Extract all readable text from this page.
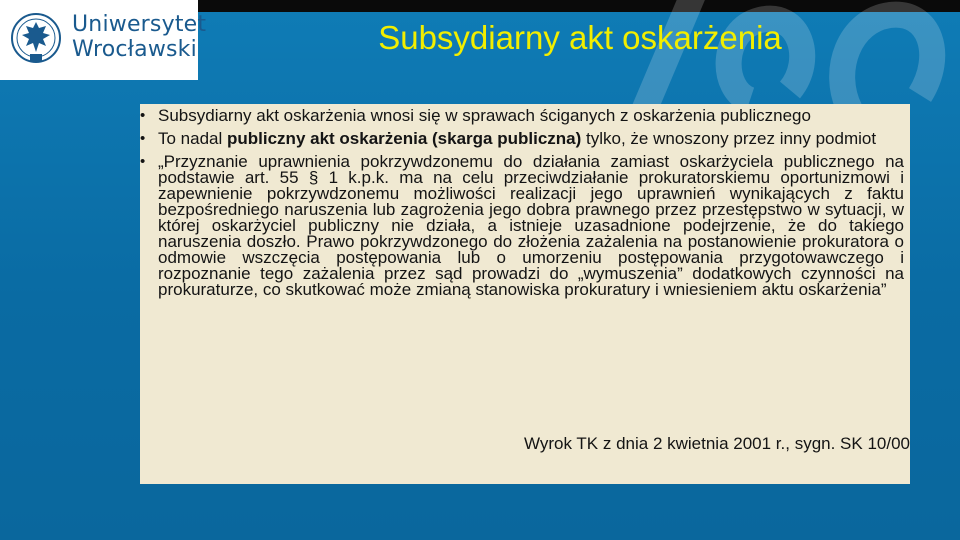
Uniwersytet
Wrocławski	Subsydiarny akt oskarżenia
• Subsydiarny akt oskarżenia wnosi się w sprawach ściganych z oskarżenia publicznego
• To nadal publiczny akt oskarżenia (skarga publiczna) tylko, że wnoszony przez inny podmiot
• „Przyznanie uprawnienia pokrzywdzonemu do działania zamiast oskarżyciela publicznego na podstawie art. 55 § 1 k.p.k. ma na celu przeciwdziałanie prokuratorskiemu oportunizmowi i zapewnienie pokrzywdzonemu możliwości realizacji jego uprawnień wynikających z faktu bezpośredniego naruszenia lub zagrożenia jego dobra prawnego przez przestępstwo w sytuacji, w której oskarżyciel publiczny nie działa, a istnieje uzasadnione podejrzenie, że do takiego naruszenia doszło. Prawo pokrzywdzonego do złożenia zażalenia na postanowienie prokuratora o odmowie wszczęcia postępowania lub o umorzeniu postępowania przygotowawczego i rozpoznanie tego zażalenia przez sąd prowadzi do „wymuszenia” dodatkowych czynności na prokuraturze, co skutkować może zmianą stanowiska prokuratury i wniesieniem aktu oskarżenia”
Wyrok TK z dnia 2 kwietnia 2001 r., sygn. SK 10/00
